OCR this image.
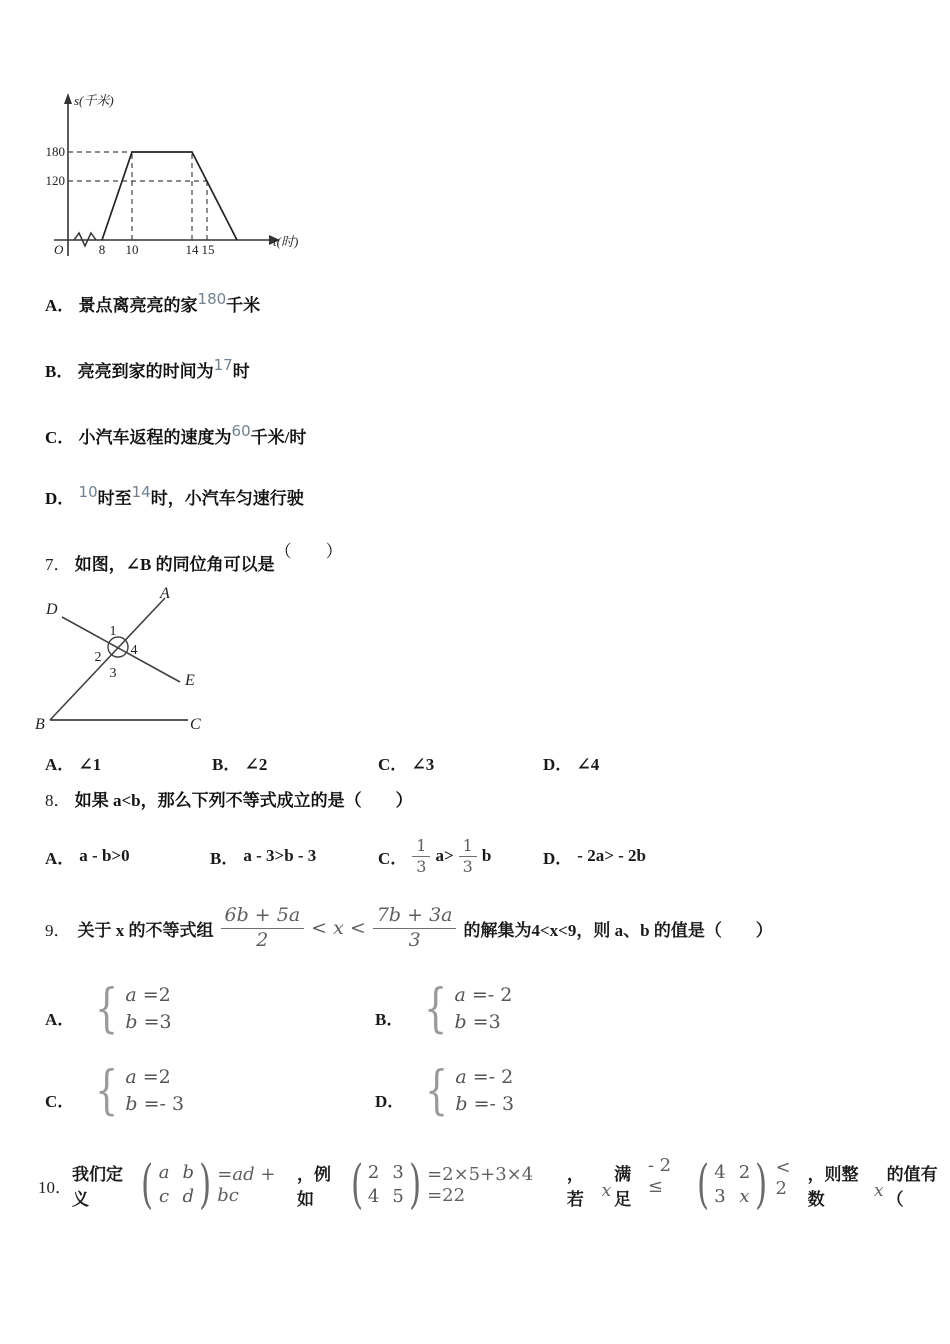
s(千米)
t(时)
O
180
120
8 10	14 15
A． 景点离亮亮的家180千米
B． 亮亮到家的时间为17时
C． 小汽车返程的速度为60千米/时
D． 10时至14时，小汽车匀速行驶
7． 如图，∠B 的同位角可以是（　　）
A
D
E
B	C
1
2
3
4
A． ∠1	B． ∠2	C． ∠3	D． ∠4
8． 如果 a<b，那么下列不等式成立的是（　　）
A． a - b>0	B． a - 3>b - 3	C． $\frac{1}{3} a> \frac{1}{3}$ b	D． - 2a> - 2b
9． 关于 x 的不等式组 $\frac{6b + 5a}{2} < x < \frac{7b + 3a}{3}$ 的解集为4<x<9，则 a、b 的值是（　　）
A． { a =2
b =3	B． { a =- 2
b =3
C． { a =2
b =- 3	D． { a =- 2
b =- 3
10．
我们定义	( a b
c d ) =ad + bc
，例如 ( 2 3
4 5 ) =2×5+3×4 =22
，若	x
满足
- 2 ≤ ( 4 2
3 x ) < 2
，则整数	x
的值有（
